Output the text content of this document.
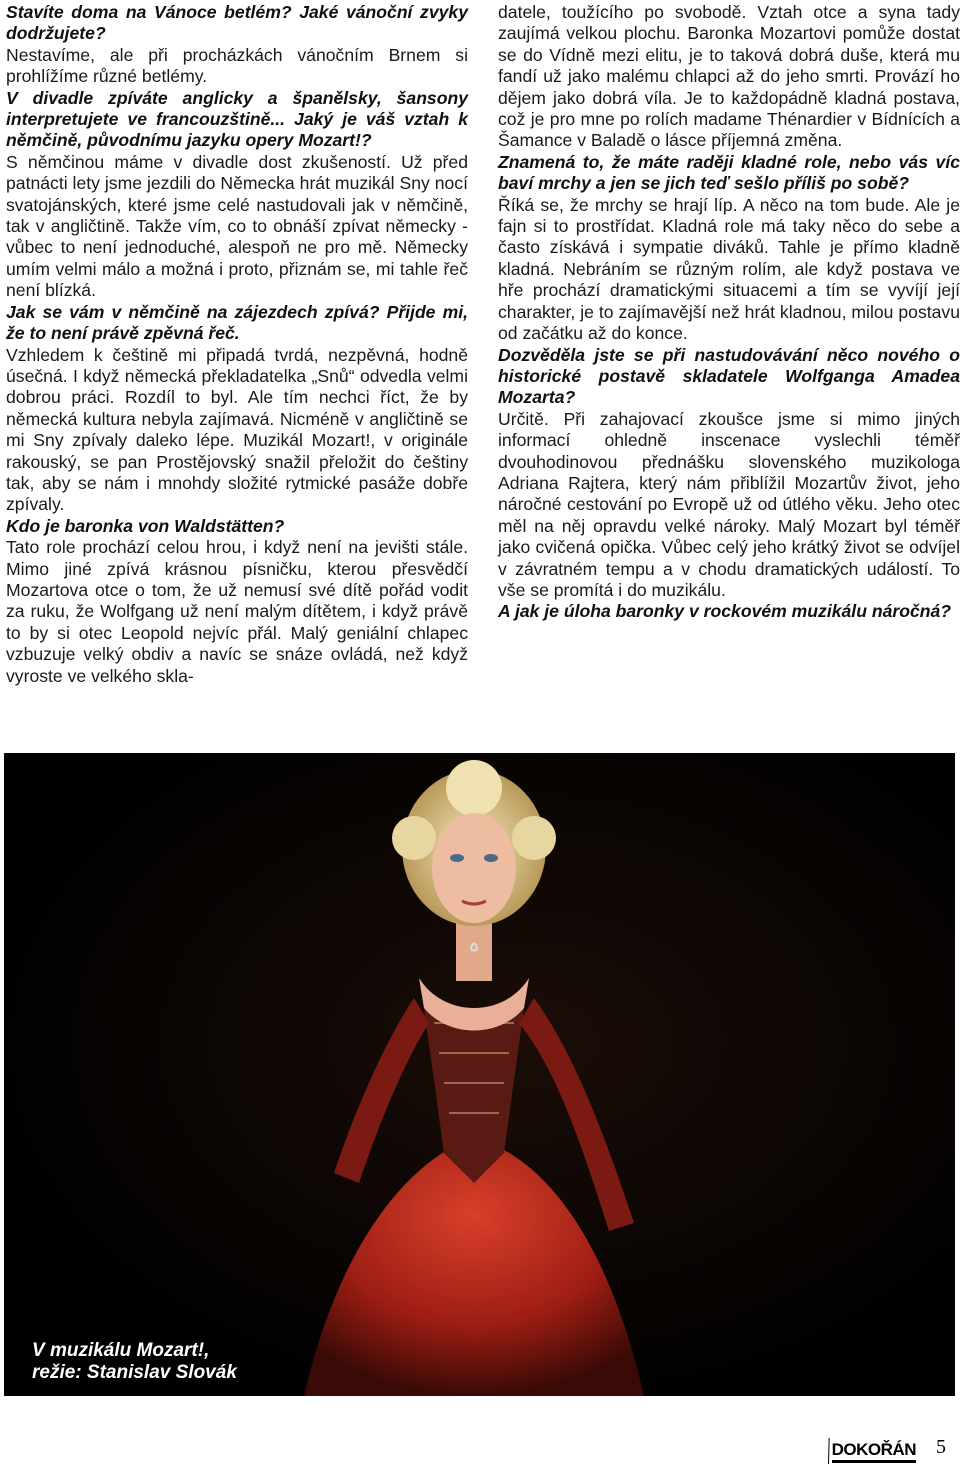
Stavíte doma na Vánoce betlém? Jaké vánoční zvyky dodržujete?

Nestavíme, ale při procházkách vánočním Brnem si prohlížíme různé betlémy.

V divadle zpíváte anglicky a španělsky, šansony interpretujete ve francouzštině... Jaký je váš vztah k němčině, původnímu jazyku opery Mozart!?

S němčinou máme v divadle dost zkušeností. Už před patnácti lety jsme jezdili do Německa hrát muzikál Sny nocí svatojánských, které jsme celé nastudovali jak v němčině, tak v angličtině. Takže vím, co to obnáší zpívat německy - vůbec to není jednoduché, alespoň ne pro mě. Německy umím velmi málo a možná i proto, přiznám se, mi tahle řeč není blízká.

Jak se vám v němčině na zájezdech zpívá? Přijde mi, že to není právě zpěvná řeč.

Vzhledem k češtině mi připadá tvrdá, nezpěvná, hodně úsečná. I když německá překladatelka „Snů“ odvedla velmi dobrou práci. Rozdíl to byl. Ale tím nechci říct, že by německá kultura nebyla zajímavá. Nicméně v angličtině se mi Sny zpívaly daleko lépe. Muzikál Mozart!, v originále rakouský, se pan Prostějovský snažil přeložit do češtiny tak, aby se nám i mnohdy složité rytmické pasáže dobře zpívaly.

Kdo je baronka von Waldstätten?

Tato role prochází celou hrou, i když není na jevišti stále. Mimo jiné zpívá krásnou písničku, kterou přesvědčí Mozartova otce o tom, že už nemusí své dítě pořád vodit za ruku, že Wolfgang už není malým dítětem, i když právě to by si otec Leopold nejvíc přál. Malý geniální chlapec vzbuzuje velký obdiv a navíc se snáze ovládá, než když vyroste ve velkého skla-

datele, toužícího po svobodě. Vztah otce a syna tady zaujímá velkou plochu. Baronka Mozartovi pomůže dostat se do Vídně mezi elitu, je to taková dobrá duše, která mu fandí už jako malému chlapci až do jeho smrti. Provází ho dějem jako dobrá víla. Je to každopádně kladná postava, což je pro mne po rolích madame Thénardier v Bídnících a Šamance v Baladě o lásce příjemná změna.

Znamená to, že máte raději kladné role, nebo vás víc baví mrchy a jen se jich teď sešlo příliš po sobě?

Říká se, že mrchy se hrají líp. A něco na tom bude. Ale je fajn si to prostřídat. Kladná role má taky něco do sebe a často získává i sympatie diváků. Tahle je přímo kladně kladná. Nebráním se různým rolím, ale když postava ve hře prochází dramatickými situacemi a tím se vyvíjí její charakter, je to zajímavější než hrát kladnou, milou postavu od začátku až do konce.

Dozvěděla jste se při nastudovávání něco nového o historické postavě skladatele Wolfganga Amadea Mozarta?

Určitě. Při zahajovací zkoušce jsme si mimo jiných informací ohledně inscenace vyslechli téměř dvouhodinovou přednášku slovenského muzikologa Adriana Rajtera, který nám přiblížil Mozartův život, jeho náročné cestování po Evropě už od útlého věku. Jeho otec měl na něj opravdu velké nároky. Malý Mozart byl téměř jako cvičená opička. Vůbec celý jeho krátký život se odvíjel v závratném tempu a v chodu dramatických událostí. To vše se promítá i do muzikálu.

A jak je úloha baronky v rockovém muzikálu náročná?

V muzikálu Mozart!,
režie: Stanislav Slovák
DOKOŘÁN 5
